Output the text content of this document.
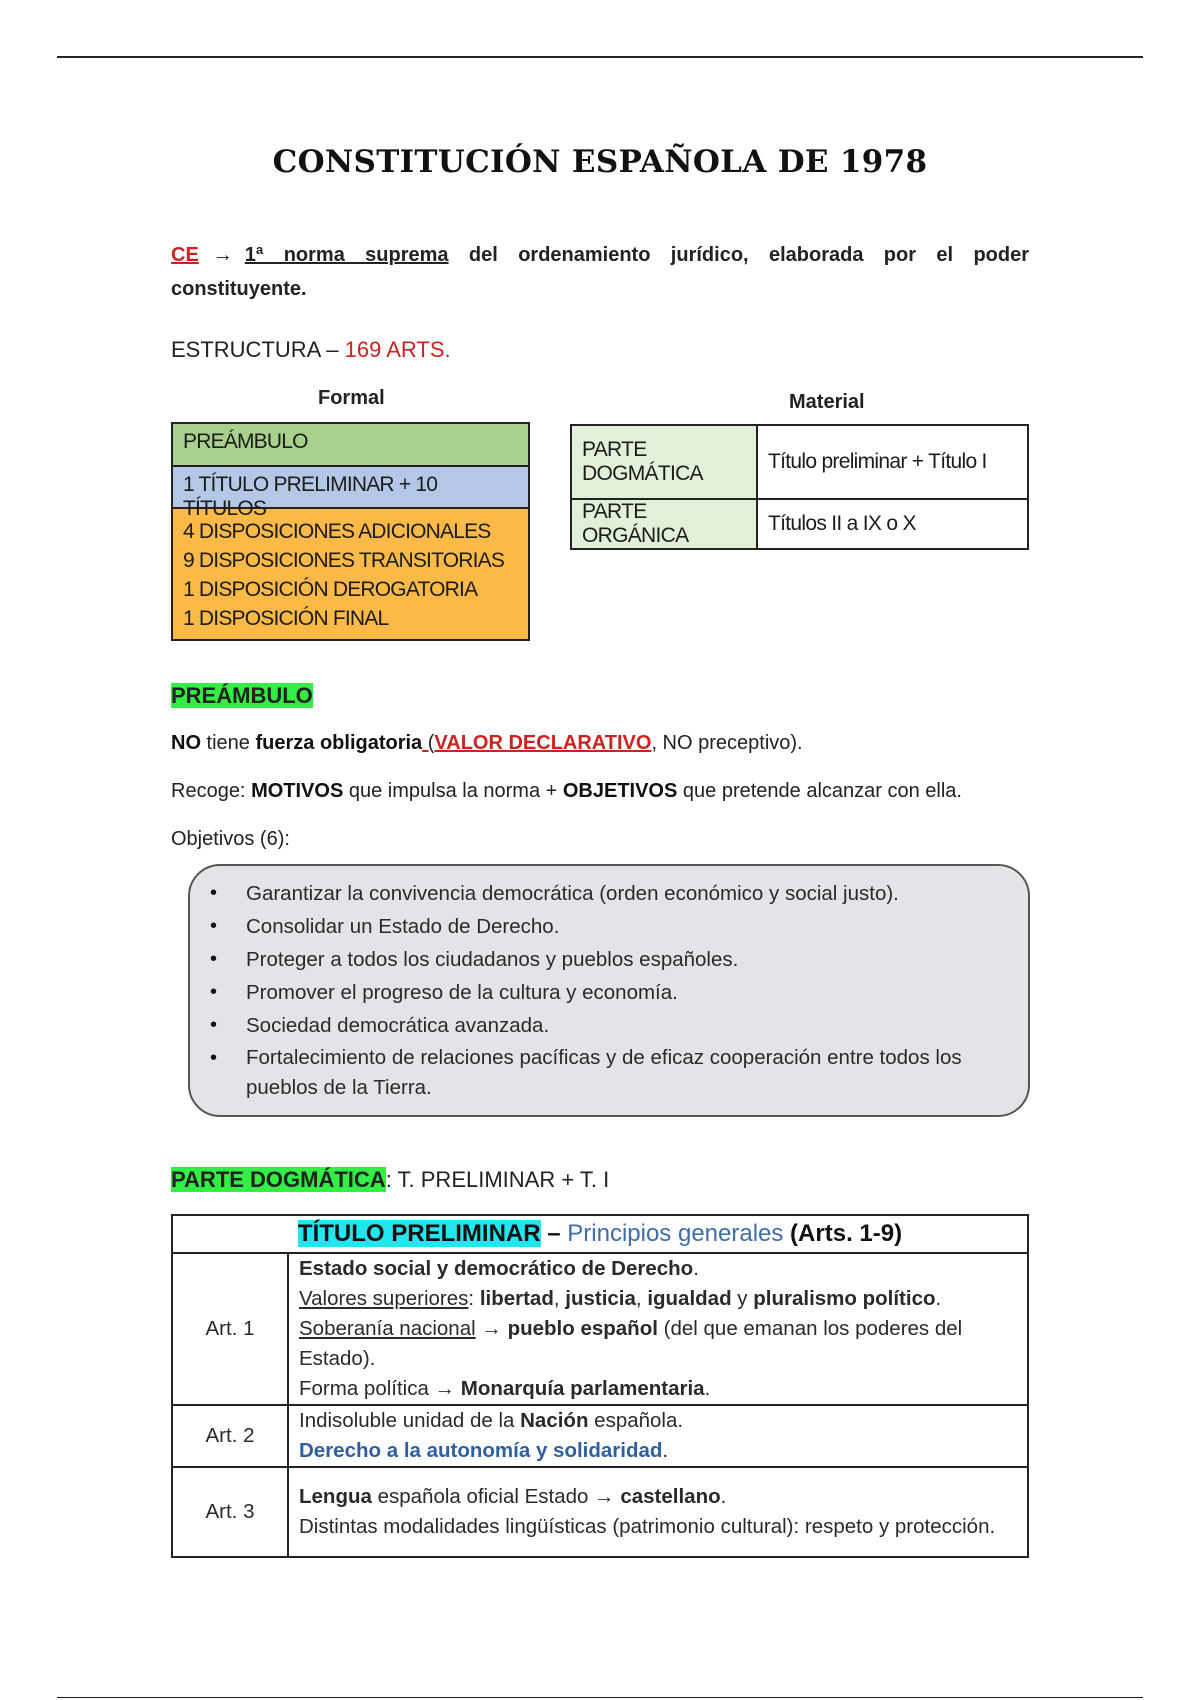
CONSTITUCIÓN ESPAÑOLA DE 1978

CE → 1ª norma suprema del ordenamiento jurídico, elaborada por el poder constituyente.

ESTRUCTURA – 169 ARTS.
Formal	Material
PREÁMBULO
1 TÍTULO PRELIMINAR + 10 TÍTULOS
4 DISPOSICIONES ADICIONALES
9 DISPOSICIONES TRANSITORIAS
1 DISPOSICIÓN DEROGATORIA
1 DISPOSICIÓN FINAL
PARTE DOGMÁTICA	Título preliminar + Título I
PARTE ORGÁNICA	Títulos II a IX o X
PREÁMBULO

NO tiene fuerza obligatoria (VALOR DECLARATIVO, NO preceptivo).

Recoge: MOTIVOS que impulsa la norma + OBJETIVOS que pretende alcanzar con ella.

Objetivos (6):

• Garantizar la convivencia democrática (orden económico y social justo).
• Consolidar un Estado de Derecho.
• Proteger a todos los ciudadanos y pueblos españoles.
• Promover el progreso de la cultura y economía.
• Sociedad democrática avanzada.
• Fortalecimiento de relaciones pacíficas y de eficaz cooperación entre todos los pueblos de la Tierra.
PARTE DOGMÁTICA: T. PRELIMINAR + T. I
TÍTULO PRELIMINAR – Principios generales (Arts. 1-9)	
Art. 1	Estado social y democrático de Derecho.
Valores superiores: libertad, justicia, igualdad y pluralismo político.
Soberanía nacional → pueblo español (del que emanan los poderes del Estado).
Forma política → Monarquía parlamentaria.

Art. 2	Indisoluble unidad de la Nación española.
Derecho a la autonomía y solidaridad.

Art. 3	Lengua española oficial Estado → castellano.
Distintas modalidades lingüísticas (patrimonio cultural): respeto y protección.
